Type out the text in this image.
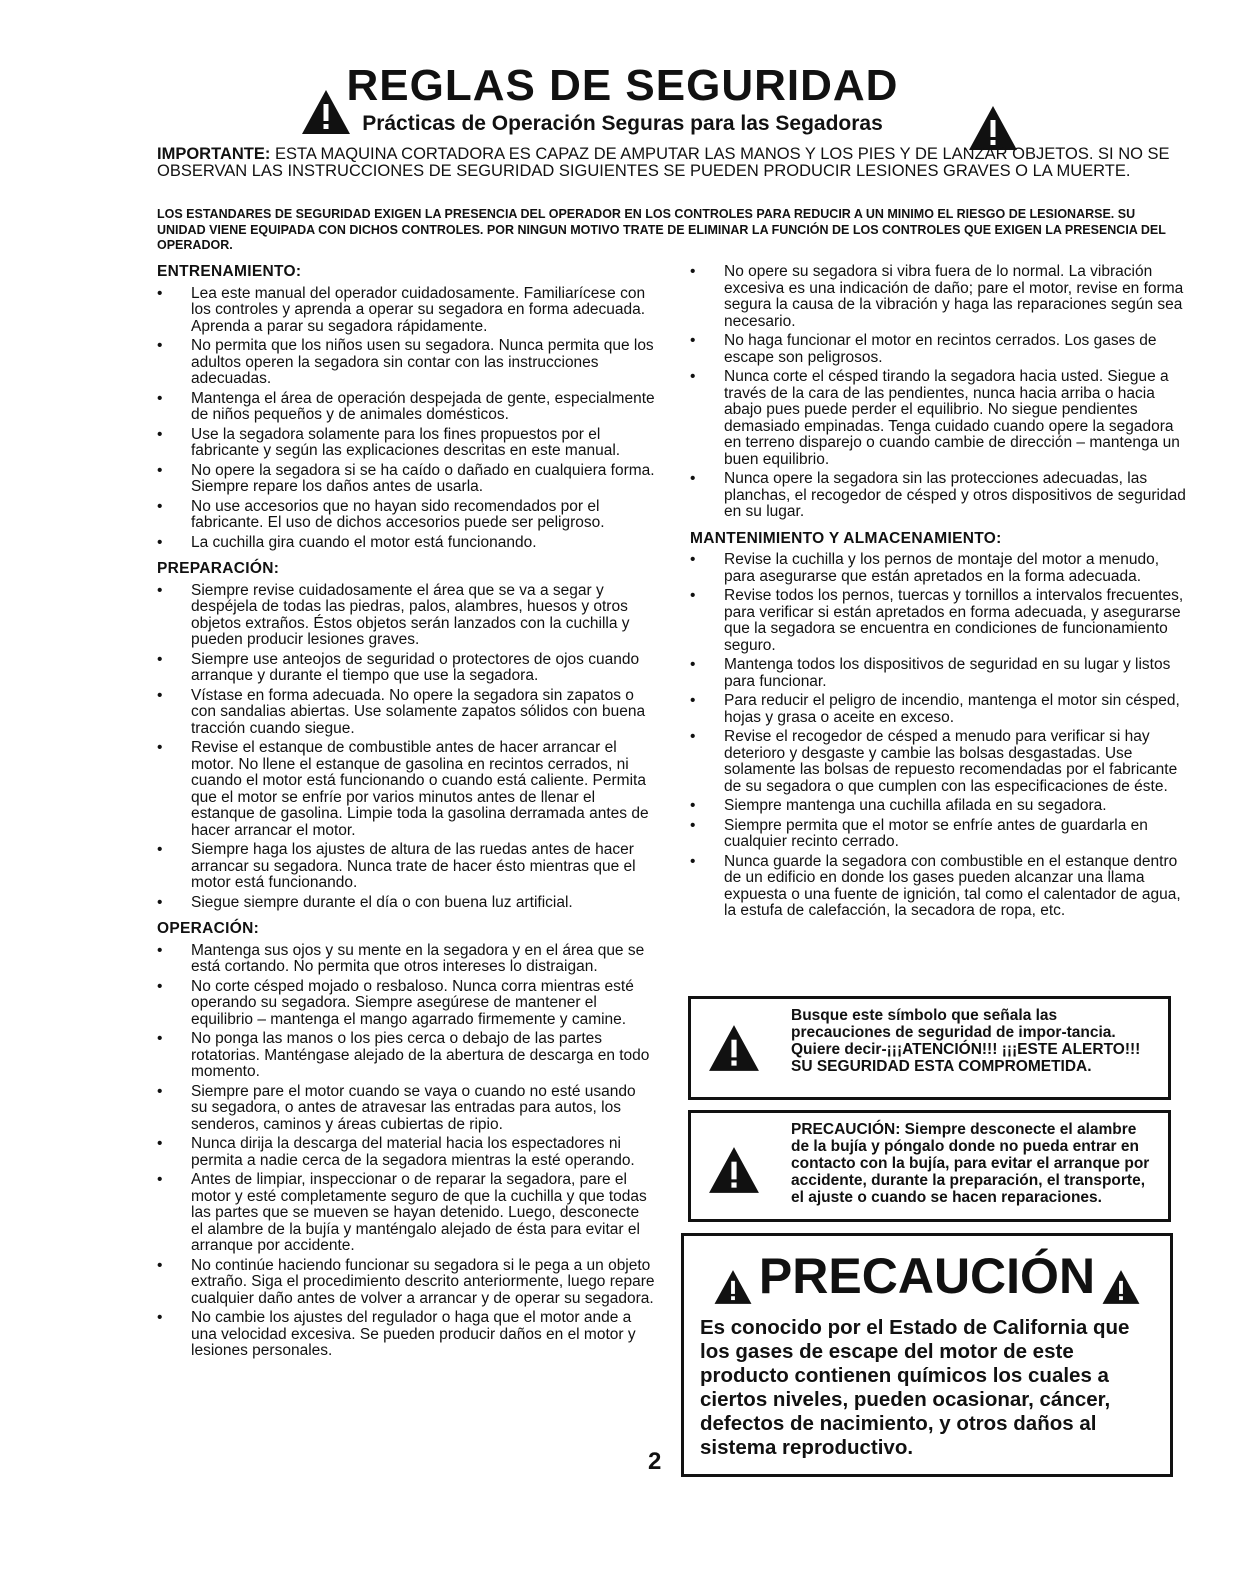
REGLAS DE SEGURIDAD
Prácticas de Operación Seguras para las Segadoras
IMPORTANTE: ESTA MAQUINA CORTADORA ES CAPAZ DE AMPUTAR LAS MANOS Y LOS PIES Y DE LANZAR OBJETOS. SI NO SE OBSERVAN LAS INSTRUCCIONES DE SEGURIDAD SIGUIENTES SE PUEDEN PRODUCIR LESIONES GRAVES O LA MUERTE.
LOS ESTANDARES DE SEGURIDAD EXIGEN LA PRESENCIA DEL OPERADOR EN LOS CONTROLES PARA REDUCIR A UN MINIMO EL RIESGO DE LESIONARSE. SU UNIDAD VIENE EQUIPADA CON DICHOS CONTROLES. POR NINGUN MOTIVO TRATE DE ELIMINAR LA FUNCIÓN DE LOS CONTROLES QUE EXIGEN LA PRESENCIA DEL OPERADOR.
ENTRENAMIENTO:
• Lea este manual del operador cuidadosamente. Familiarícese con los controles y aprenda a operar su segadora en forma adecuada. Aprenda a parar su segadora rápidamente.
• No permita que los niños usen su segadora. Nunca permita que los adultos operen la segadora sin contar con las instrucciones adecuadas.
• Mantenga el área de operación despejada de gente, especialmente de niños pequeños y de animales domésticos.
• Use la segadora solamente para los fines propuestos por el fabricante y según las explicaciones descritas en este manual.
• No opere la segadora si se ha caído o dañado en cualquiera forma. Siempre repare los daños antes de usarla.
• No use accesorios que no hayan sido recomendados por el fabricante. El uso de dichos accesorios puede ser peligroso.
• La cuchilla gira cuando el motor está funcionando.
PREPARACIÓN:
• Siempre revise cuidadosamente el área que se va a segar y despéjela de todas las piedras, palos, alambres, huesos y otros objetos extraños. Éstos objetos serán lanzados con la cuchilla y pueden producir lesiones graves.
• Siempre use anteojos de seguridad o protectores de ojos cuando arranque y durante el tiempo que use la segadora.
• Vístase en forma adecuada. No opere la segadora sin zapatos o con sandalias abiertas. Use solamente zapatos sólidos con buena tracción cuando siegue.
• Revise el estanque de combustible antes de hacer arrancar el motor. No llene el estanque de gasolina en recintos cerrados, ni cuando el motor está funcionando o cuando está caliente. Permita que el motor se enfríe por varios minutos antes de llenar el estanque de gasolina. Limpie toda la gasolina derramada antes de hacer arrancar el motor.
• Siempre haga los ajustes de altura de las ruedas antes de hacer arrancar su segadora. Nunca trate de hacer ésto mientras que el motor está funcionando.
• Siegue siempre durante el día o con buena luz artificial.
OPERACIÓN:
• Mantenga sus ojos y su mente en la segadora y en el área que se está cortando. No permita que otros intereses lo distraigan.
• No corte césped mojado o resbaloso. Nunca corra mientras esté operando su segadora. Siempre asegúrese de mantener el equilibrio – mantenga el mango agarrado firmemente y camine.
• No ponga las manos o los pies cerca o debajo de las partes rotatorias. Manténgase alejado de la abertura de descarga en todo momento.
• Siempre pare el motor cuando se vaya o cuando no esté usando su segadora, o antes de atravesar las entradas para autos, los senderos, caminos y áreas cubiertas de ripio.
• Nunca dirija la descarga del material hacia los espectadores ni permita a nadie cerca de la segadora mientras la esté operando.
• Antes de limpiar, inspeccionar o de reparar la segadora, pare el motor y esté completamente seguro de que la cuchilla y que todas las partes que se mueven se hayan detenido. Luego, desconecte el alambre de la bujía y manténgalo alejado de ésta para evitar el arranque por accidente.
• No continúe haciendo funcionar su segadora si le pega a un objeto extraño. Siga el procedimiento descrito anteriormente, luego repare cualquier daño antes de volver a arrancar y de operar su segadora.
• No cambie los ajustes del regulador o haga que el motor ande a una velocidad excesiva. Se pueden producir daños en el motor y lesiones personales.
• No opere su segadora si vibra fuera de lo normal. La vibración excesiva es una indicación de daño; pare el motor, revise en forma segura la causa de la vibración y haga las reparaciones según sea necesario.
• No haga funcionar el motor en recintos cerrados. Los gases de escape son peligrosos.
• Nunca corte el césped tirando la segadora hacia usted. Siegue a través de la cara de las pendientes, nunca hacia arriba o hacia abajo pues puede perder el equilibrio. No siegue pendientes demasiado empinadas. Tenga cuidado cuando opere la segadora en terreno disparejo o cuando cambie de dirección – mantenga un buen equilibrio.
• Nunca opere la segadora sin las protecciones adecuadas, las planchas, el recogedor de césped y otros dispositivos de seguridad en su lugar.
MANTENIMIENTO Y ALMACENAMIENTO:
• Revise la cuchilla y los pernos de montaje del motor a menudo, para asegurarse que están apretados en la forma adecuada.
• Revise todos los pernos, tuercas y tornillos a intervalos frecuentes, para verificar si están apretados en forma adecuada, y asegurarse que la segadora se encuentra en condiciones de funcionamiento seguro.
• Mantenga todos los dispositivos de seguridad en su lugar y listos para funcionar.
• Para reducir el peligro de incendio, mantenga el motor sin césped, hojas y grasa o aceite en exceso.
• Revise el recogedor de césped a menudo para verificar si hay deterioro y desgaste y cambie las bolsas desgastadas. Use solamente las bolsas de repuesto recomendadas por el fabricante de su segadora o que cumplen con las especificaciones de éste.
• Siempre mantenga una cuchilla afilada en su segadora.
• Siempre permita que el motor se enfríe antes de guardarla en cualquier recinto cerrado.
• Nunca guarde la segadora con combustible en el estanque dentro de un edificio en donde los gases pueden alcanzar una llama expuesta o una fuente de ignición, tal como el calentador de agua, la estufa de calefacción, la secadora de ropa, etc.
Busque este símbolo que señala las precauciones de seguridad de impor-tancia. Quiere decir-¡¡¡ATENCIÓN!!! ¡¡¡ESTE ALERTO!!! SU SEGURIDAD ESTA COMPROMETIDA.
PRECAUCIÓN: Siempre desconecte el alambre de la bujía y póngalo donde no pueda entrar en contacto con la bujía, para evitar el arranque por accidente, durante la preparación, el transporte, el ajuste o cuando se hacen reparaciones.
PRECAUCIÓN
Es conocido por el Estado de California que los gases de escape del motor de este producto contienen químicos los cuales a ciertos niveles, pueden ocasionar, cáncer, defectos de nacimiento, y otros daños al sistema reproductivo.
2
